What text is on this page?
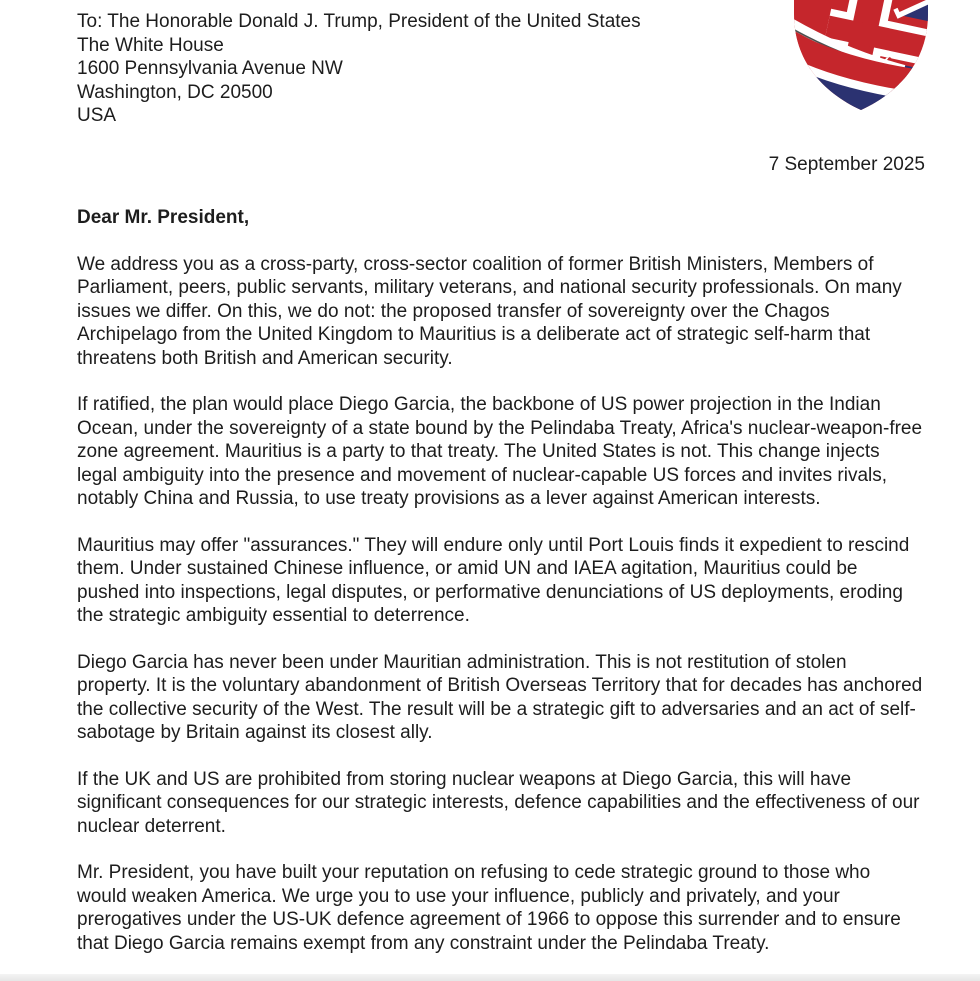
To: The Honorable Donald J. Trump, President of the United States
The White House
1600 Pennsylvania Avenue NW
Washington, DC 20500
USA
7 September 2025
Dear Mr. President,

We address you as a cross-party, cross-sector coalition of former British Ministers, Members of Parliament, peers, public servants, military veterans, and national security professionals. On many issues we differ. On this, we do not: the proposed transfer of sovereignty over the Chagos Archipelago from the United Kingdom to Mauritius is a deliberate act of strategic self-harm that threatens both British and American security.

If ratified, the plan would place Diego Garcia, the backbone of US power projection in the Indian Ocean, under the sovereignty of a state bound by the Pelindaba Treaty, Africa's nuclear-weapon-free zone agreement. Mauritius is a party to that treaty. The United States is not. This change injects legal ambiguity into the presence and movement of nuclear-capable US forces and invites rivals, notably China and Russia, to use treaty provisions as a lever against American interests.

Mauritius may offer "assurances." They will endure only until Port Louis finds it expedient to rescind them. Under sustained Chinese influence, or amid UN and IAEA agitation, Mauritius could be pushed into inspections, legal disputes, or performative denunciations of US deployments, eroding the strategic ambiguity essential to deterrence.

Diego Garcia has never been under Mauritian administration. This is not restitution of stolen property. It is the voluntary abandonment of British Overseas Territory that for decades has anchored the collective security of the West. The result will be a strategic gift to adversaries and an act of self-sabotage by Britain against its closest ally.

If the UK and US are prohibited from storing nuclear weapons at Diego Garcia, this will have significant consequences for our strategic interests, defence capabilities and the effectiveness of our nuclear deterrent.

Mr. President, you have built your reputation on refusing to cede strategic ground to those who would weaken America. We urge you to use your influence, publicly and privately, and your prerogatives under the US-UK defence agreement of 1966 to oppose this surrender and to ensure that Diego Garcia remains exempt from any constraint under the Pelindaba Treaty.
